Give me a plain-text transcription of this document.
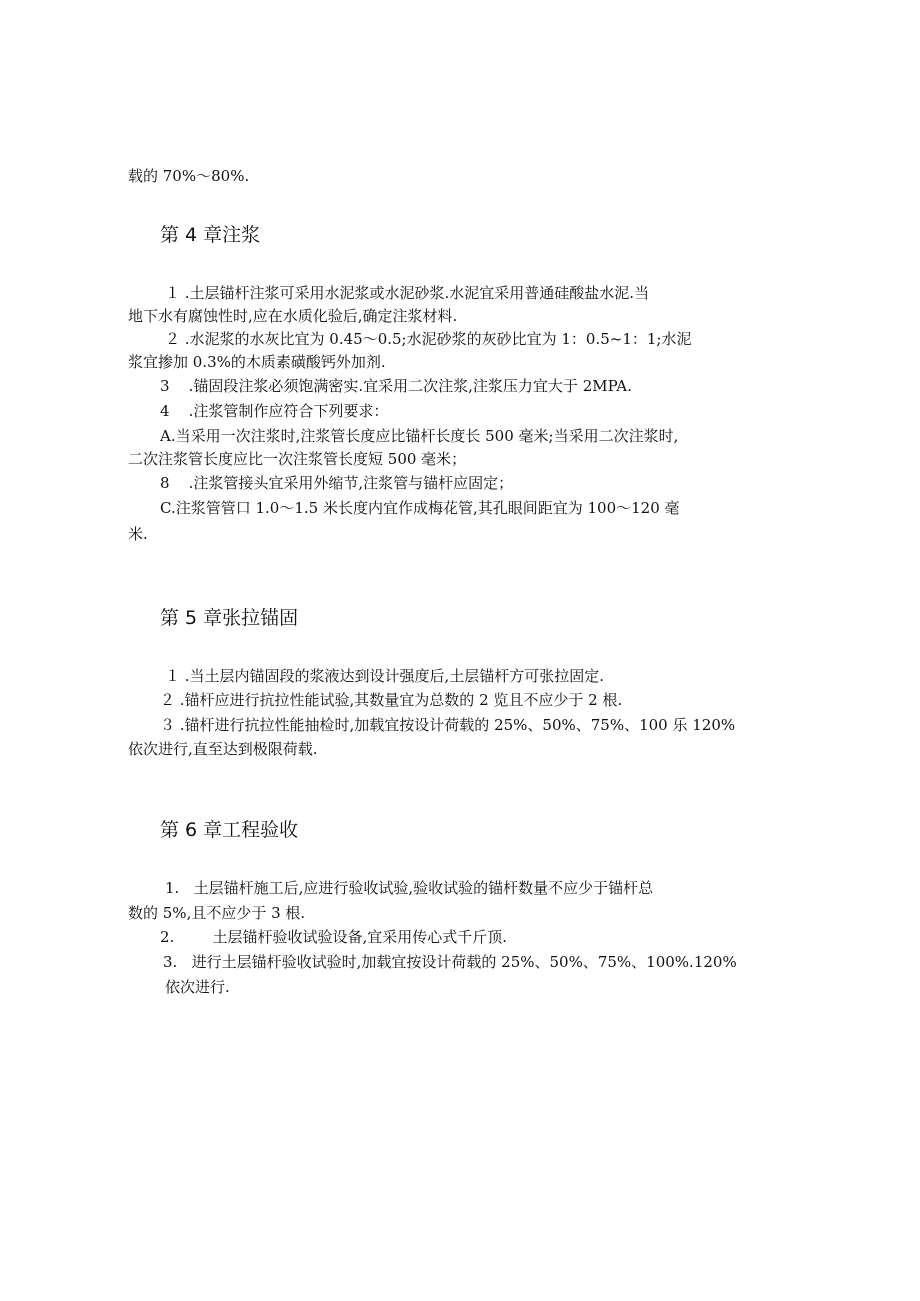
载的 70%～80%.
第 4 章注浆
１ .土层锚杆注浆可采用水泥浆或水泥砂浆.水泥宜采用普通硅酸盐水泥.当
地下水有腐蚀性时,应在水质化验后,确定注浆材料.
２ .水泥浆的水灰比宜为 0.45～0.5;水泥砂浆的灰砂比宜为 1：0.5~1：1;水泥
浆宜掺加 0.3%的木质素磺酸钙外加剂.
3    .锚固段注浆必须饱满密实.宜采用二次注浆,注浆压力宜大于 2MPA.
4    .注浆管制作应符合下列要求：
A.当采用一次注浆时,注浆管长度应比锚杆长度长 500 毫米;当采用二次注浆时,
二次注浆管长度应比一次注浆管长度短 500 毫米；
8    .注浆管接头宜采用外缩节,注浆管与锚杆应固定；
C.注浆管管口 1.0～1.5 米长度内宜作成梅花管,其孔眼间距宜为 100～120 毫
米.
第 5 章张拉锚固
１ .当土层内锚固段的浆液达到设计强度后,土层锚杆方可张拉固定.
２ .锚杆应进行抗拉性能试验,其数量宜为总数的 2 览且不应少于 2 根.
３ .锚杆进行抗拉性能抽检时,加载宜按设计荷载的 25%、50%、75%、100 乐 120%
依次进行,直至达到极限荷载.
第 6 章工程验收
1.   土层锚杆施工后,应进行验收试验,验收试验的锚杆数量不应少于锚杆总
数的 5%,且不应少于 3 根.
2.        土层锚杆验收试验设备,宜采用传心式千斤顶.
3.   进行土层锚杆验收试验时,加载宜按设计荷载的 25%、50%、75%、100%.120%
依次进行.
